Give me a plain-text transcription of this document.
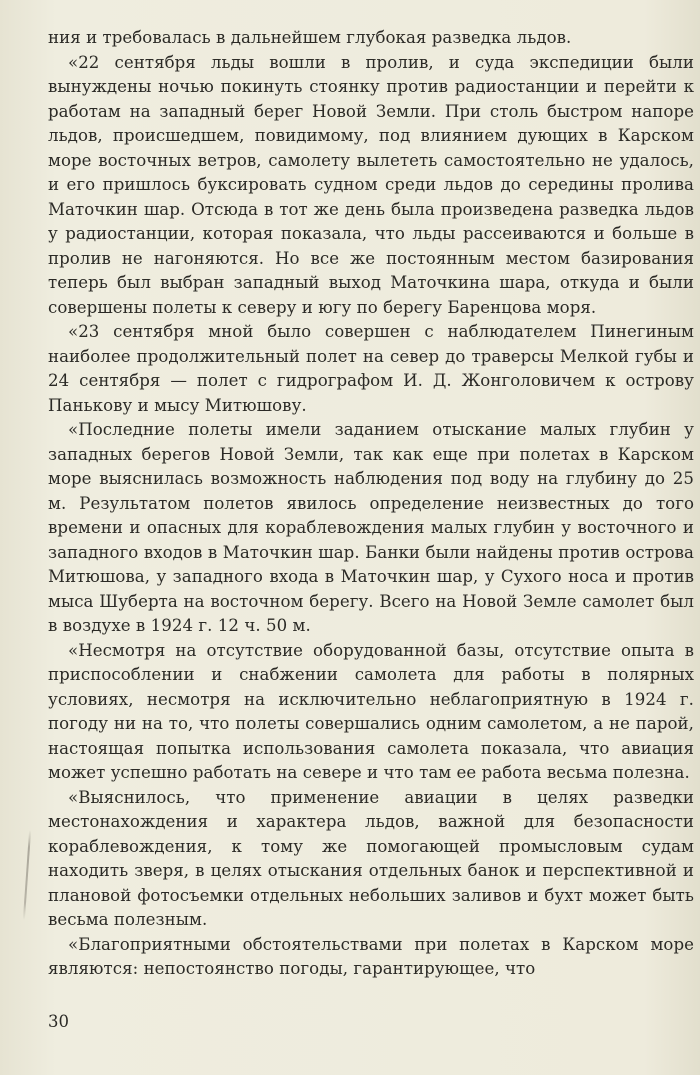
ния и требовалась в дальнейшем глубокая разведка льдов.

«22 сентября льды вошли в пролив, и суда экспедиции были вынуждены ночью покинуть стоянку против радиостанции и перейти к работам на западный берег Новой Земли. При столь быстром напоре льдов, происшедшем, повидимому, под влиянием дующих в Карском море восточных ветров, самолету вылететь самостоятельно не удалось, и его пришлось буксировать судном среди льдов до середины пролива Маточкин шар. Отсюда в тот же день была произведена разведка льдов у радиостанции, которая показала, что льды рассеиваются и больше в пролив не нагоняются. Но все же постоянным местом базирования теперь был выбран западный выход Маточкина шара, откуда и были совершены полеты к северу и югу по берегу Баренцова моря.

«23 сентября мной было совершен с наблюдателем Пинегиным наиболее продолжительный полет на север до траверсы Мелкой губы и 24 сентября — полет с гидрографом И. Д. Жонголовичем к острову Панькову и мысу Митюшову.

«Последние полеты имели заданием отыскание малых глубин у западных берегов Новой Земли, так как еще при полетах в Карском море выяснилась возможность наблюдения под воду на глубину до 25 м. Результатом полетов явилось определение неизвестных до того времени и опасных для кораблевождения малых глубин у восточного и западного входов в Маточкин шар. Банки были найдены против острова Митюшова, у западного входа в Маточкин шар, у Сухого носа и против мыса Шуберта на восточном берегу. Всего на Новой Земле самолет был в воздухе в 1924 г. 12 ч. 50 м.

«Несмотря на отсутствие оборудованной базы, отсутствие опыта в приспособлении и снабжении самолета для работы в полярных условиях, несмотря на исключительно неблагоприятную в 1924 г. погоду ни на то, что полеты совершались одним самолетом, а не парой, настоящая попытка использования самолета показала, что авиация может успешно работать на севере и что там ее работа весьма полезна.

«Выяснилось, что применение авиации в целях разведки местонахождения и характера льдов, важной для безопасности кораблевождения, к тому же помогающей промысловым судам находить зверя, в целях отыскания отдельных банок и перспективной и плановой фотосъемки отдельных небольших заливов и бухт может быть весьма полезным.

«Благоприятными обстоятельствами при полетах в Карском море являются: непостоянство погоды, гарантирующее, что

30
